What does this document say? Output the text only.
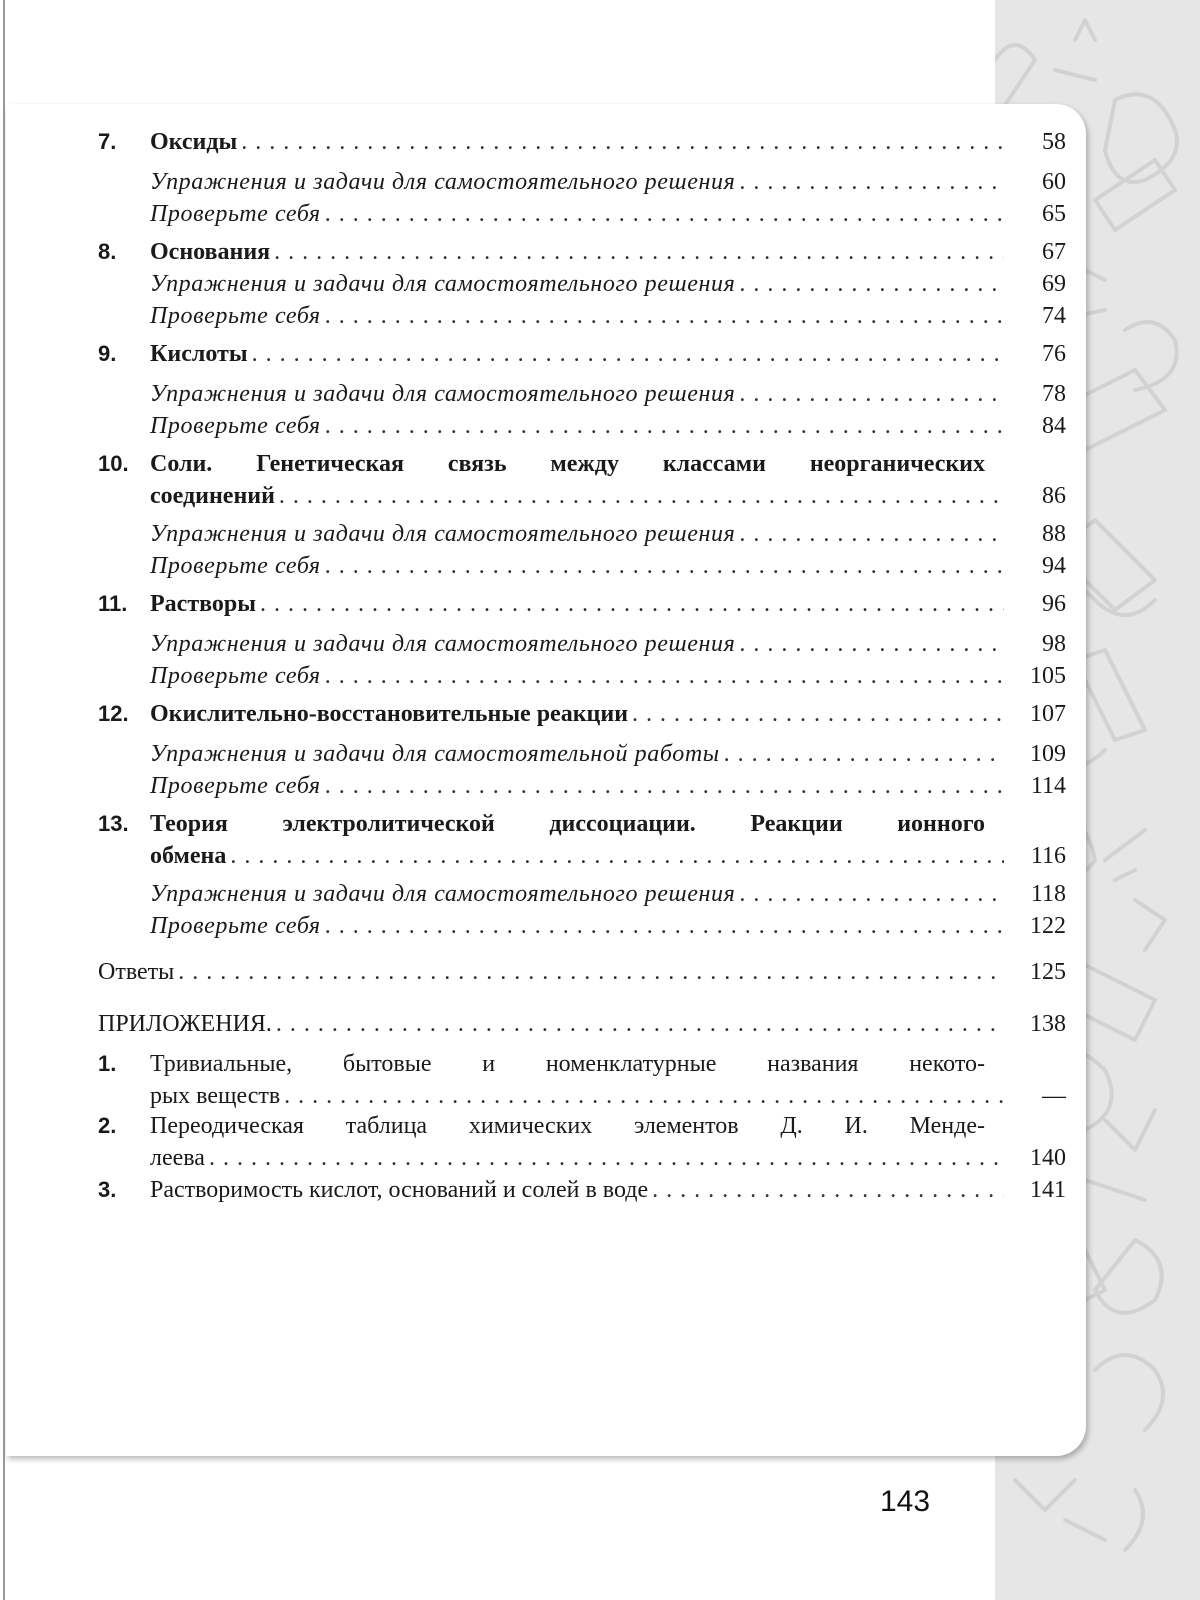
7.	Оксиды . . .	58
Упражнения и задачи для самостоятельного решения . . .	60
Проверьте себя . . .	65
8.	Основания . . .	67
Упражнения и задачи для самостоятельного решения . . .	69
Проверьте себя . . .	74
9.	Кислоты . . .	76
Упражнения и задачи для самостоятельного решения . . .	78
Проверьте себя . . .	84
10. Соли. Генетическая связь между классами неорганических
соединений . . .	86
Упражнения и задачи для самостоятельного решения . . .	88
Проверьте себя . . .	94
11. Растворы . . .	96
Упражнения и задачи для самостоятельного решения . . .	98
Проверьте себя . . .	105
12. Окислительно-восстановительные реакции . . .	107
Упражнения и задачи для самостоятельной работы . . .	109
Проверьте себя . . .	114
13. Теория электролитической диссоциации. Реакции ионного
обмена . . .	116
Упражнения и задачи для самостоятельного решения . . .	118
Проверьте себя . . .	122
Ответы . . .	125
ПРИЛОЖЕНИЯ. . . .	138
1.	Тривиальные, бытовые и номенклатурные названия некото-
рых веществ . . .	—
2.	Переодическая таблица химических элементов Д. И. Менде-
леева . . .	140
3.	Растворимость кислот, оснований и солей в воде . . .	141
143
